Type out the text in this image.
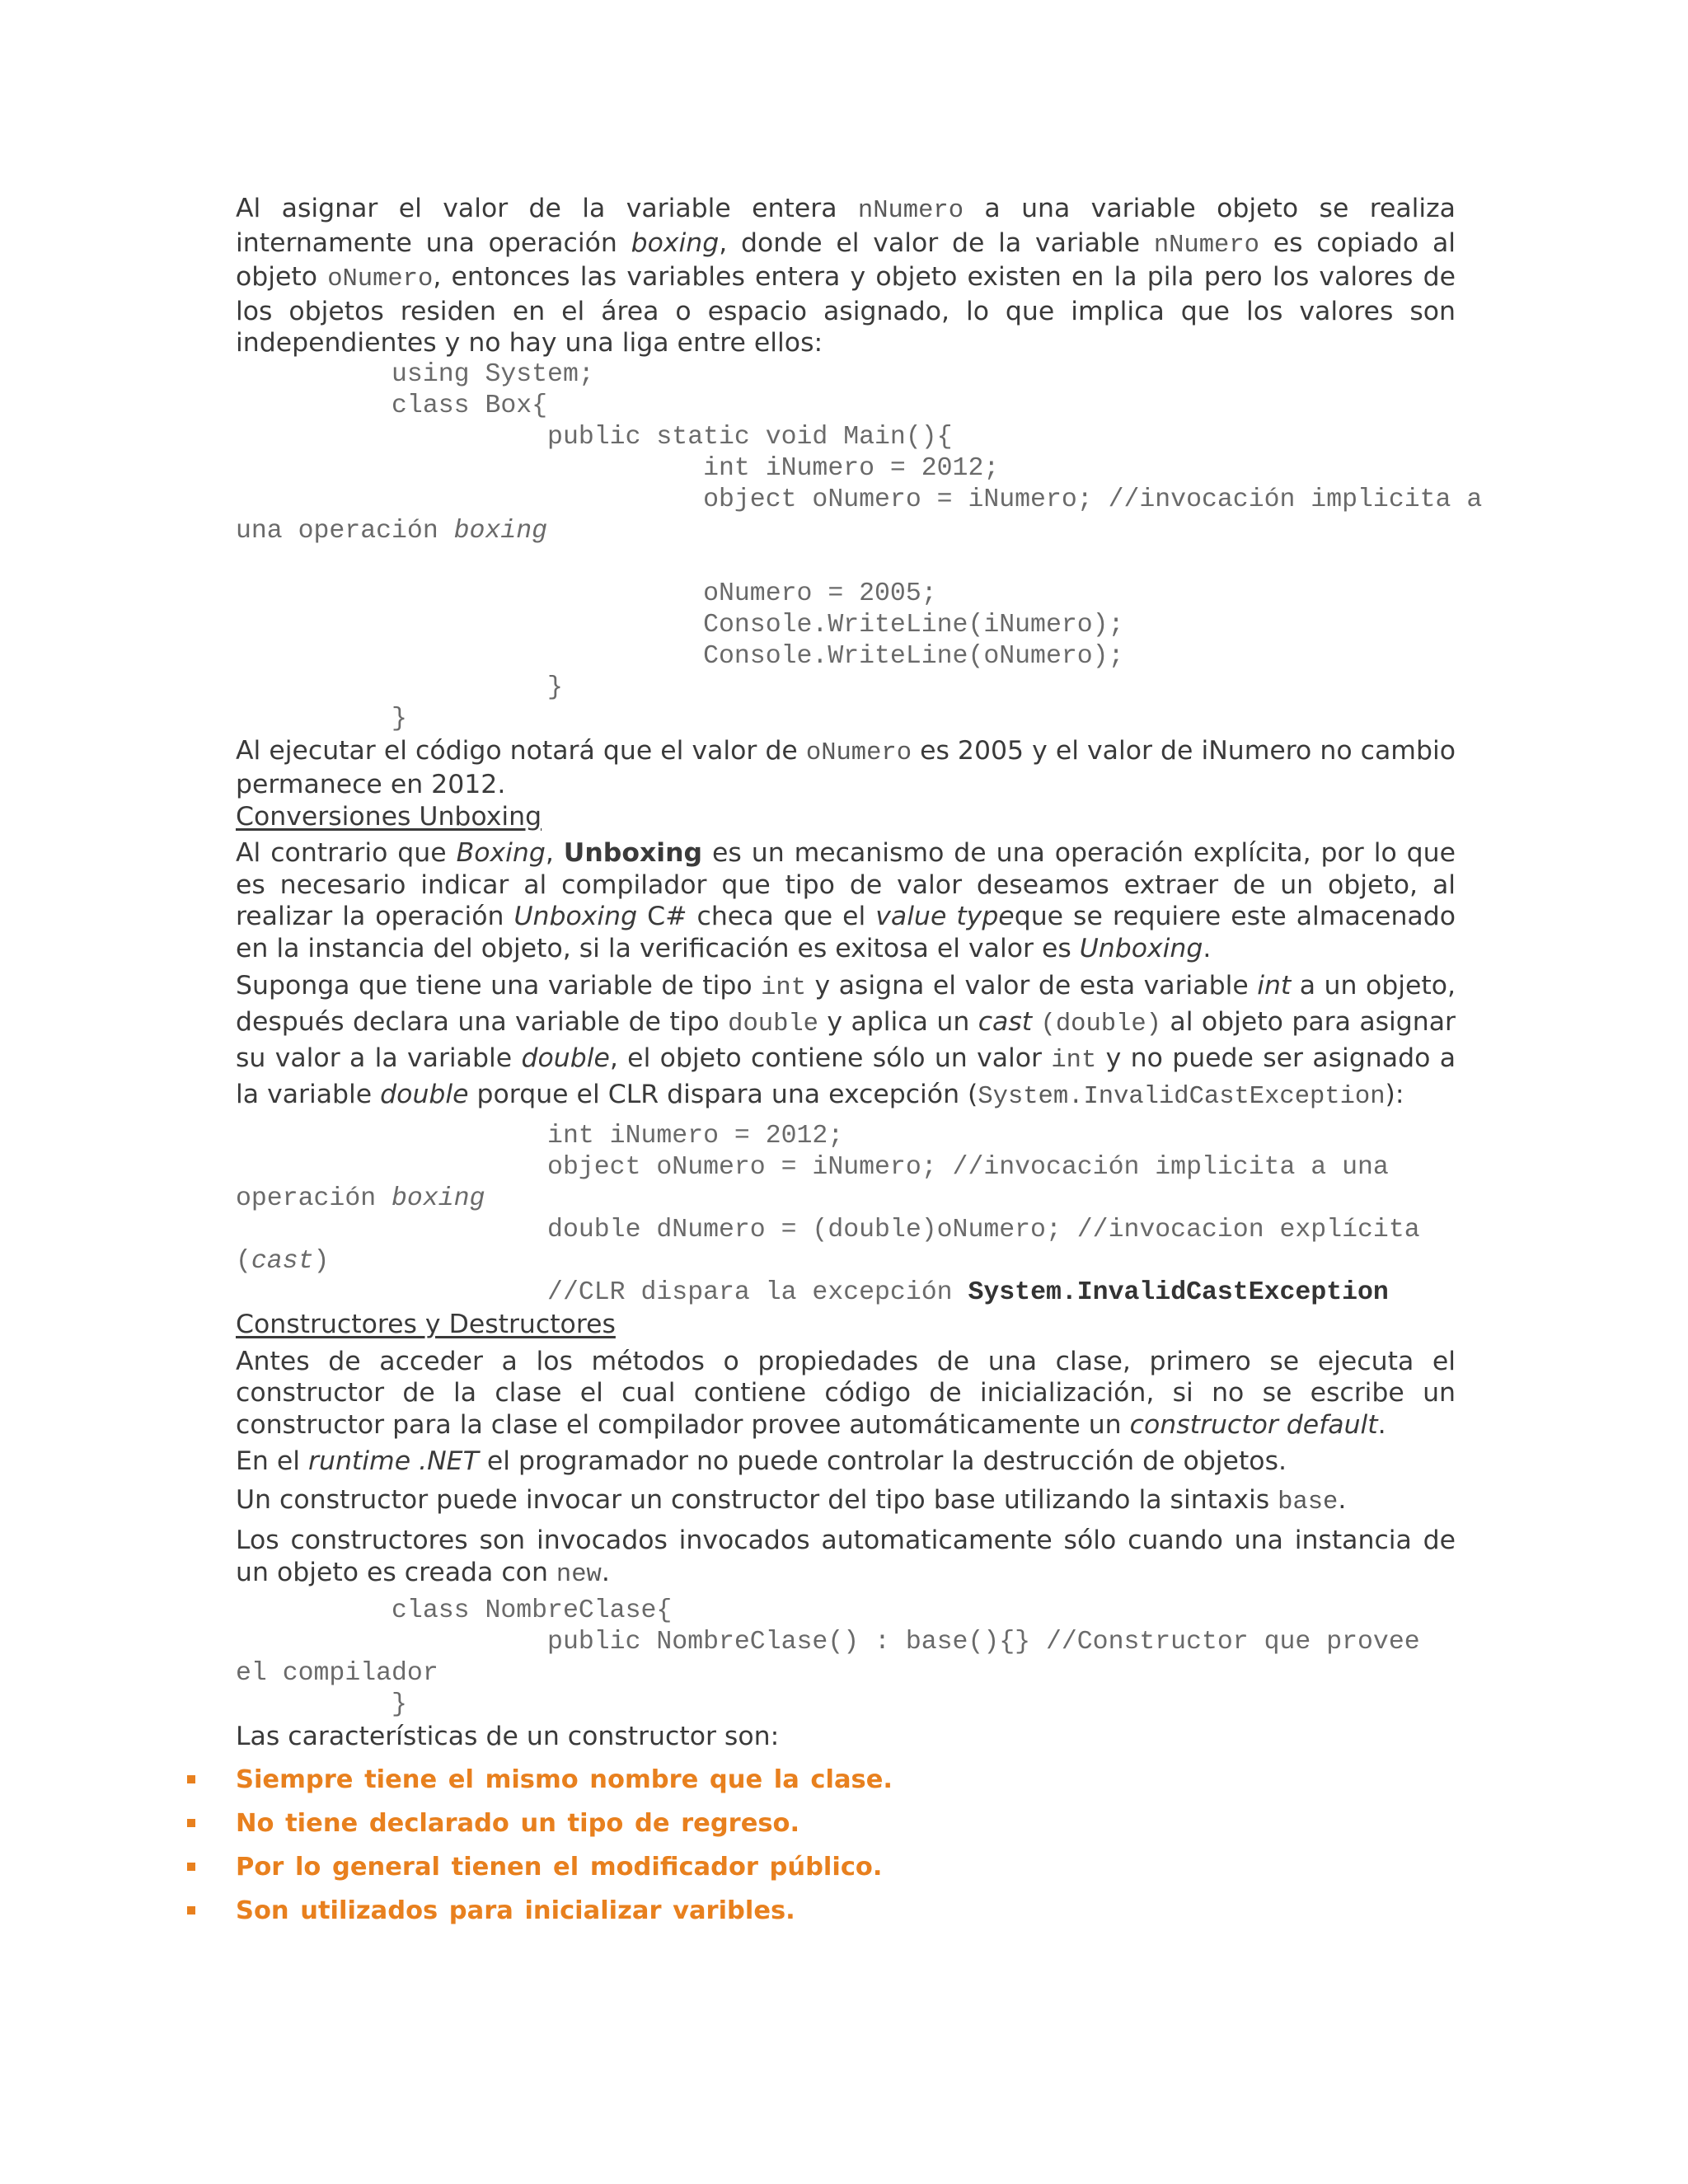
Al asignar el valor de la variable entera nNumero a una variable objeto se realiza internamente una operación boxing, donde el valor de la variable nNumero es copiado al objeto oNumero, entonces las variables entera y objeto existen en la pila pero los valores de los objetos residen en el área o espacio asignado, lo que implica que los valores son independientes y no hay una liga entre ellos:

using System;
class Box{
public static void Main(){
int iNumero = 2012;
object oNumero = iNumero; //invocación implicita a
una operación boxing

oNumero = 2005;
Console.WriteLine(iNumero);
Console.WriteLine(oNumero);
}
}

Al ejecutar el código notará que el valor de oNumero es 2005 y el valor de iNumero no cambio permanece en 2012.

Conversiones Unboxing

Al contrario que Boxing, Unboxing es un mecanismo de una operación explícita, por lo que es necesario indicar al compilador que tipo de valor deseamos extraer de un objeto, al realizar la operación Unboxing C# checa que el value typeque se requiere este almacenado en la instancia del objeto, si la verificación es exitosa el valor es Unboxing.

Suponga que tiene una variable de tipo int y asigna el valor de esta variable int a un objeto, después declara una variable de tipo double y aplica un cast (double) al objeto para asignar su valor a la variable double, el objeto contiene sólo un valor int y no puede ser asignado a la variable double porque el CLR dispara una excepción (System.InvalidCastException):

int iNumero = 2012;
object oNumero = iNumero; //invocación implicita a una
operación boxing
double dNumero = (double)oNumero; //invocacion explícita
(cast)
//CLR dispara la excepción System.InvalidCastException

Constructores y Destructores

Antes de acceder a los métodos o propiedades de una clase, primero se ejecuta el constructor de la clase el cual contiene código de inicialización, si no se escribe un constructor para la clase el compilador provee automáticamente un constructor default.

En el runtime .NET el programador no puede controlar la destrucción de objetos.

Un constructor puede invocar un constructor del tipo base utilizando la sintaxis base.

Los constructores son invocados invocados automaticamente sólo cuando una instancia de un objeto es creada con new.

class NombreClase{
public NombreClase() : base(){} //Constructor que provee
el compilador
}

Las características de un constructor son:

Siempre tiene el mismo nombre que la clase.
No tiene declarado un tipo de regreso.
Por lo general tienen el modificador público.
Son utilizados para inicializar varibles.
